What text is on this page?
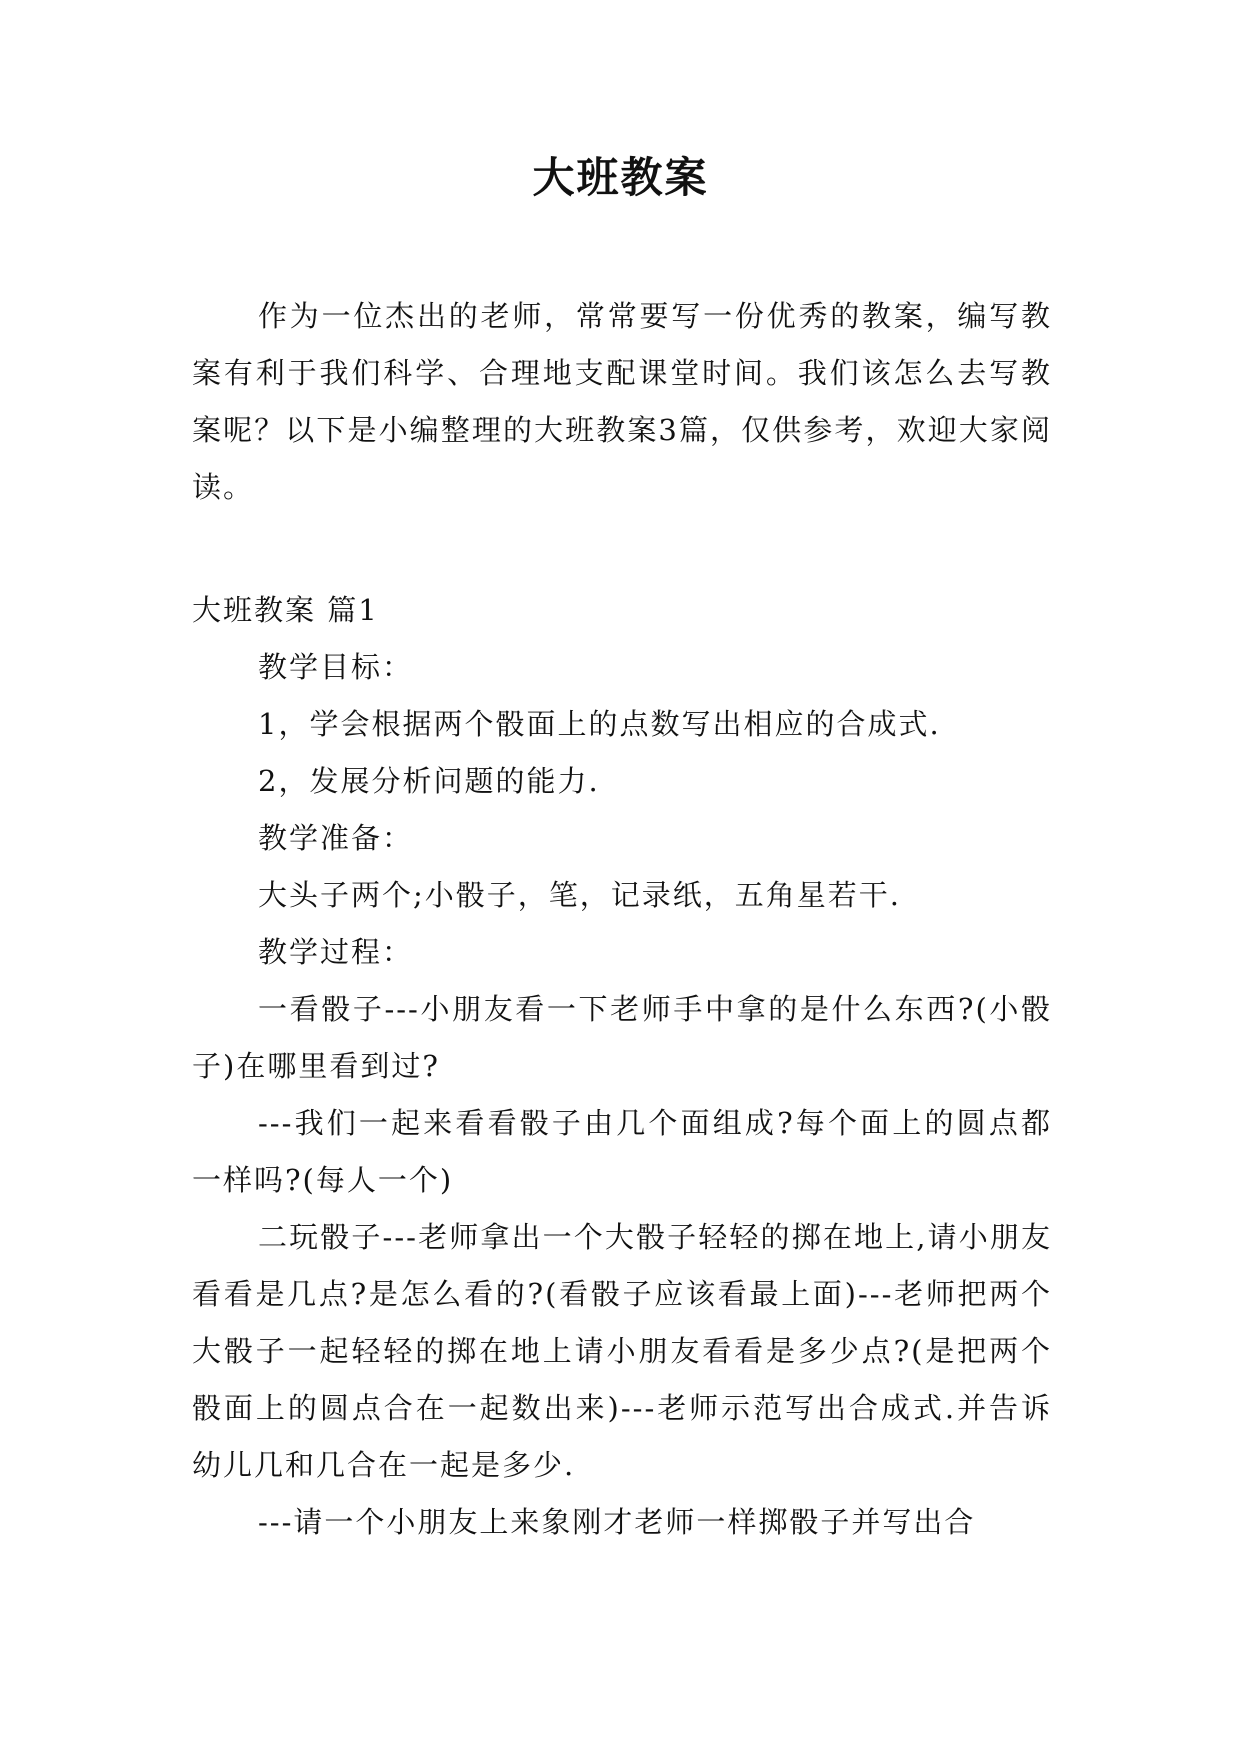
大班教案

作为一位杰出的老师，常常要写一份优秀的教案，编写教案有利于我们科学、合理地支配课堂时间。我们该怎么去写教案呢？以下是小编整理的大班教案3篇，仅供参考，欢迎大家阅读。

大班教案 篇1

教学目标：

1，学会根据两个骰面上的点数写出相应的合成式.

2，发展分析问题的能力.

教学准备：

大头子两个;小骰子，笔，记录纸，五角星若干.

教学过程：

一看骰子---小朋友看一下老师手中拿的是什么东西?(小骰子)在哪里看到过?

---我们一起来看看骰子由几个面组成?每个面上的圆点都一样吗?(每人一个)

二玩骰子---老师拿出一个大骰子轻轻的掷在地上,请小朋友看看是几点?是怎么看的?(看骰子应该看最上面)---老师把两个大骰子一起轻轻的掷在地上请小朋友看看是多少点?(是把两个骰面上的圆点合在一起数出来)---老师示范写出合成式.并告诉幼儿几和几合在一起是多少.

---请一个小朋友上来象刚才老师一样掷骰子并写出合
